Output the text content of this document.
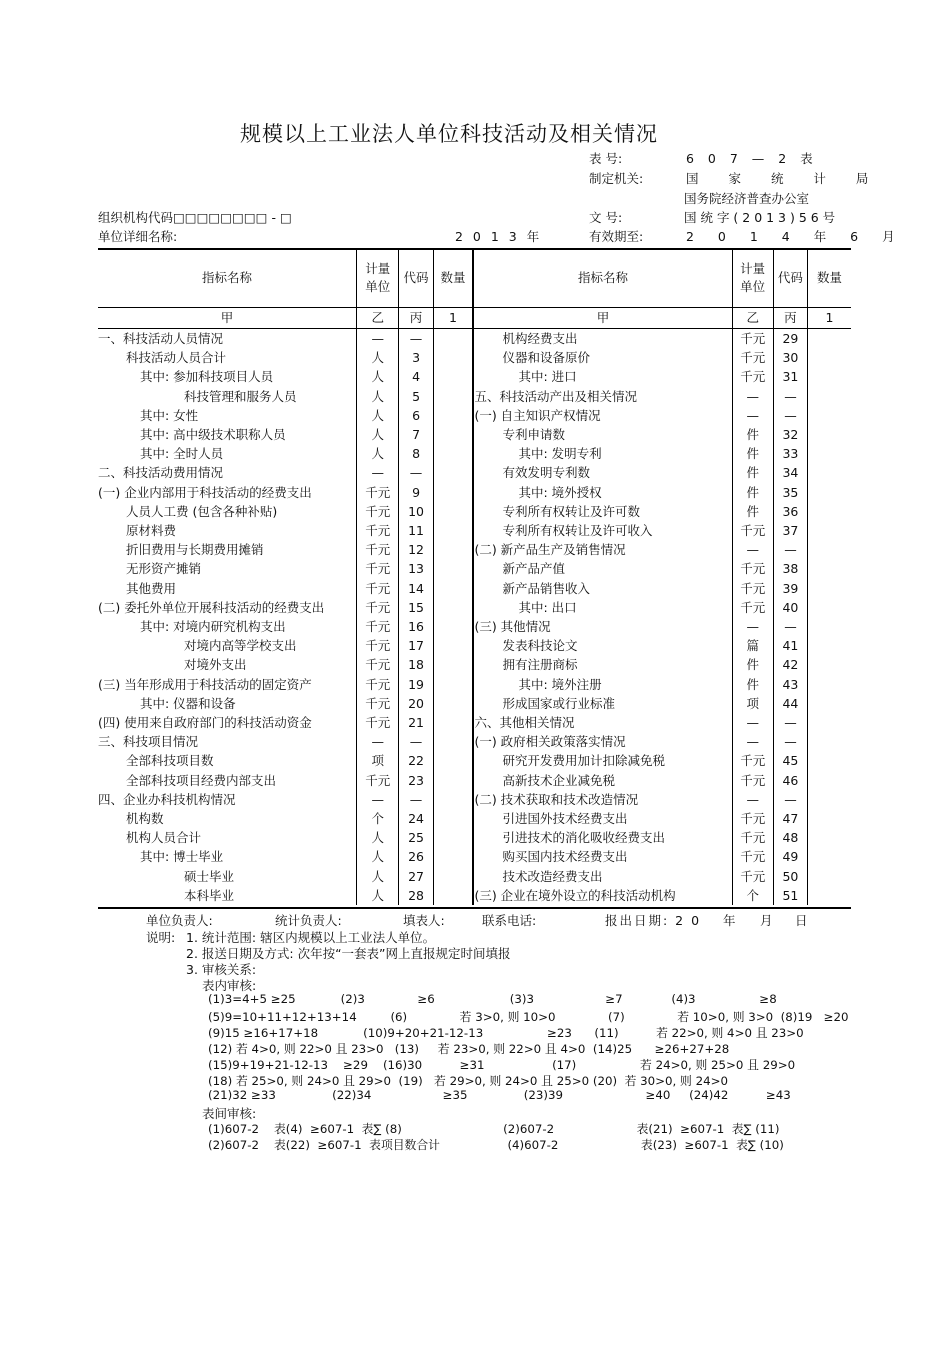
规模以上工业法人单位科技活动及相关情况
表 号:	6 0 7 — 2 表
制定机关:	国 家 统 计 局
国务院经济普查办公室
组织机构代码□□□□□□□□ - □	文 号:	国 统 字 ( 2 0 1 3 ) 5 6 号
单位详细名称:	2 0 1 3 年	有效期至:	2 0 1 4 年 6 月
指标名称	计量单位	代码	数量	指标名称	计量单位	代码	数量
甲	乙	丙	1	甲	乙	丙	1
一、科技活动人员情况	—	—		机构经费支出	千元	29	
科技活动人员合计	人	3		仪器和设备原价	千元	30	
其中: 参加科技项目人员	人	4		其中: 进口	千元	31	
科技管理和服务人员	人	5		五、科技活动产出及相关情况	—	—	
其中: 女性	人	6		(一) 自主知识产权情况	—	—	
其中: 高中级技术职称人员	人	7		专利申请数	件	32	
其中: 全时人员	人	8		其中: 发明专利	件	33	
二、科技活动费用情况	—	—		有效发明专利数	件	34	
(一) 企业内部用于科技活动的经费支出	千元	9		其中: 境外授权	件	35	
人员人工费 (包含各种补贴)	千元	10		专利所有权转让及许可数	件	36	
原材料费	千元	11		专利所有权转让及许可收入	千元	37	
折旧费用与长期费用摊销	千元	12		(二) 新产品生产及销售情况	—	—	
无形资产摊销	千元	13		新产品产值	千元	38	
其他费用	千元	14		新产品销售收入	千元	39	
(二) 委托外单位开展科技活动的经费支出	千元	15		其中: 出口	千元	40	
其中: 对境内研究机构支出	千元	16		(三) 其他情况	—	—	
对境内高等学校支出	千元	17		发表科技论文	篇	41	
对境外支出	千元	18		拥有注册商标	件	42	
(三) 当年形成用于科技活动的固定资产	千元	19		其中: 境外注册	件	43	
其中: 仪器和设备	千元	20		形成国家或行业标准	项	44	
(四) 使用来自政府部门的科技活动资金	千元	21		六、其他相关情况	—	—	
三、科技项目情况	—	—		(一) 政府相关政策落实情况	—	—	
全部科技项目数	项	22		研究开发费用加计扣除减免税	千元	45	
全部科技项目经费内部支出	千元	23		高新技术企业减免税	千元	46	
四、企业办科技机构情况	—	—		(二) 技术获取和技术改造情况	—	—	
机构数	个	24		引进国外技术经费支出	千元	47	
机构人员合计	人	25		引进技术的消化吸收经费支出	千元	48	
其中: 博士毕业	人	26		购买国内技术经费支出	千元	49	
硕士毕业	人	27		技术改造经费支出	千元	50	
本科毕业	人	28		(三) 企业在境外设立的科技活动机构	个	51	
单位负责人:	统计负责人:	填表人:	联系电话:	报出日期: 2 0 年 月 日
说明: 1. 统计范围: 辖区内规模以上工业法人单位。
2. 报送日期及方式: 次年按“一套表”网上直报规定时间填报
3. 审核关系:
表内审核:
(1)3=4+5 ≥25            (2)3              ≥6                    (3)3                   ≥7             (4)3                 ≥8
(5)9=10+11+12+13+14         (6)              若 3>0, 则 10>0              (7)              若 10>0, 则 3>0  (8)19   ≥20
(9)15 ≥16+17+18            (10)9+20+21-12-13                 ≥23      (11)          若 22>0, 则 4>0 且 23>0
(12) 若 4>0, 则 22>0 且 23>0   (13)     若 23>0, 则 22>0 且 4>0  (14)25      ≥26+27+28
(15)9+19+21-12-13    ≥29    (16)30          ≥31                  (17)                 若 24>0, 则 25>0 且 29>0
(18) 若 25>0, 则 24>0 且 29>0  (19)   若 29>0, 则 24>0 且 25>0 (20)  若 30>0, 则 24>0
(21)32 ≥33               (22)34                   ≥35               (23)39                      ≥40     (24)42          ≥43
表间审核:
(1)607-2    表(4)  ≥607-1  表∑ (8)                           (2)607-2                      表(21)  ≥607-1  表∑ (11)
(2)607-2    表(22)  ≥607-1  表项目数合计                  (4)607-2                      表(23)  ≥607-1  表∑ (10)
